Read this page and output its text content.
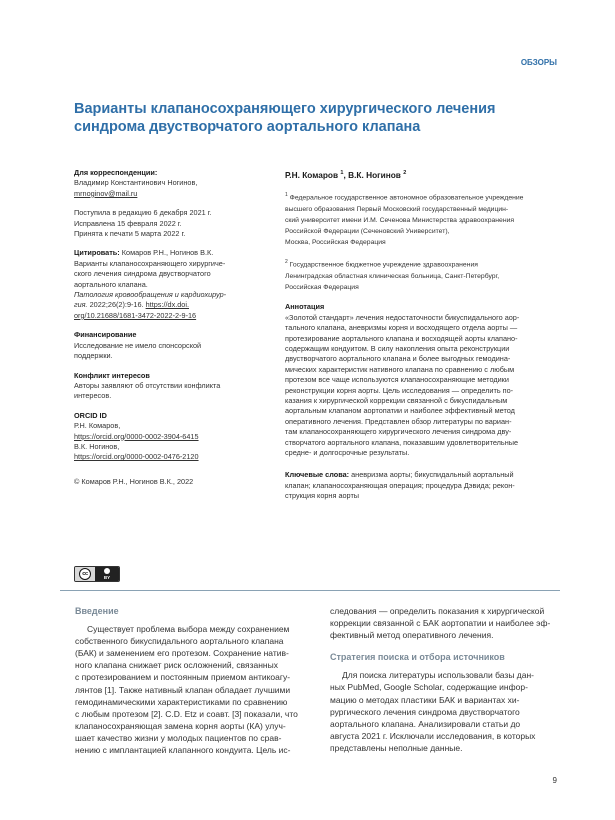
ОБЗОРЫ
Варианты клапаносохраняющего хирургического лечения
синдрома двустворчатого аортального клапана
Для корреспонденции:
Владимир Константинович Ногинов,
mrnoginov@mail.ru
Поступила в редакцию 6 декабря 2021 г.
Исправлена 15 февраля 2022 г.
Принята к печати 5 марта 2022 г.
Цитировать: Комаров Р.Н., Ногинов В.К.
Варианты клапаносохраняющего хирургиче-
ского лечения синдрома двустворчатого
аортального клапана.
Патология кровообращения и кардиохирур-
гия. 2022;26(2):9-16. https://dx.doi.
org/10.21688/1681-3472-2022-2-9-16
Финансирование
Исследование не имело спонсорской
поддержки.
Конфликт интересов
Авторы заявляют об отсутствии конфликта
интересов.
ORCID ID
Р.Н. Комаров,
https://orcid.org/0000-0002-3904-6415
В.К. Ногинов,
https://orcid.org/0000-0002-0476-2120
© Комаров Р.Н., Ногинов В.К., 2022
Р.Н. Комаров $^1$, В.К. Ногинов $^2$
$^1$ Федеральное государственное автономное образовательное учреждение
высшего образования Первый Московский государственный медицин-
ский университет имени И.М. Сеченова Министерства здравоохранения
Российской Федерации (Сеченовский Университет),
Москва, Российская Федерация
$^2$ Государственное бюджетное учреждение здравоохранения
Ленинградская областная клиническая больница, Санкт-Петербург,
Российская Федерация
Аннотация
«Золотой стандарт» лечения недостаточности бикуспидального аор-
тального клапана, аневризмы корня и восходящего отдела аорты —
протезирование аортального клапана и восходящей аорты клапано-
содержащим кондуитом. В силу накопления опыта реконструкции
двустворчатого аортального клапана и более выгодных гемодина-
мических характеристик нативного клапана по сравнению с любым
протезом все чаще используются клапаносохраняющие методики
реконструкции корня аорты. Цель исследования — определить по-
казания к хирургической коррекции связанной с бикуспидальным
аортальным клапаном аортопатии и наиболее эффективный метод
оперативного лечения. Представлен обзор литературы по вариан-
там клапаносохраняющего хирургического лечения синдрома дву-
створчатого аортального клапана, показавшим удовлетворительные
средне- и долгосрочные результаты.
Ключевые слова: аневризма аорты; бикуспидальный аортальный
клапан; клапаносохраняющая операция; процедура Дэвида; рекон-
струкция корня аорты
cc
BY
Введение
Существует проблема выбора между сохранением
собственного бикуспидального аортального клапана
(БАК) и заменением его протезом. Сохранение натив-
ного клапана снижает риск осложнений, связанных
с протезированием и постоянным приемом антикоагу-
лянтов [1]. Также нативный клапан обладает лучшими
гемодинамическими характеристиками по сравнению
с любым протезом [2]. C.D. Etz и соавт. [3] показали, что
клапаносохраняющая замена корня аорты (КА) улуч-
шает качество жизни у молодых пациентов по срав-
нению с имплантацией клапанного кондуита. Цель ис-
следования — определить показания к хирургической
коррекции связанной с БАК аортопатии и наиболее эф-
фективный метод оперативного лечения.
Стратегия поиска и отбора источников
Для поиска литературы использовали базы дан-
ных PubMed, Google Scholar, содержащие инфор-
мацию о методах пластики БАК и вариантах хи-
рургического лечения синдрома двустворчатого
аортального клапана. Анализировали статьи до
августа 2021 г. Исключали исследования, в которых
представлены неполные данные.
9
